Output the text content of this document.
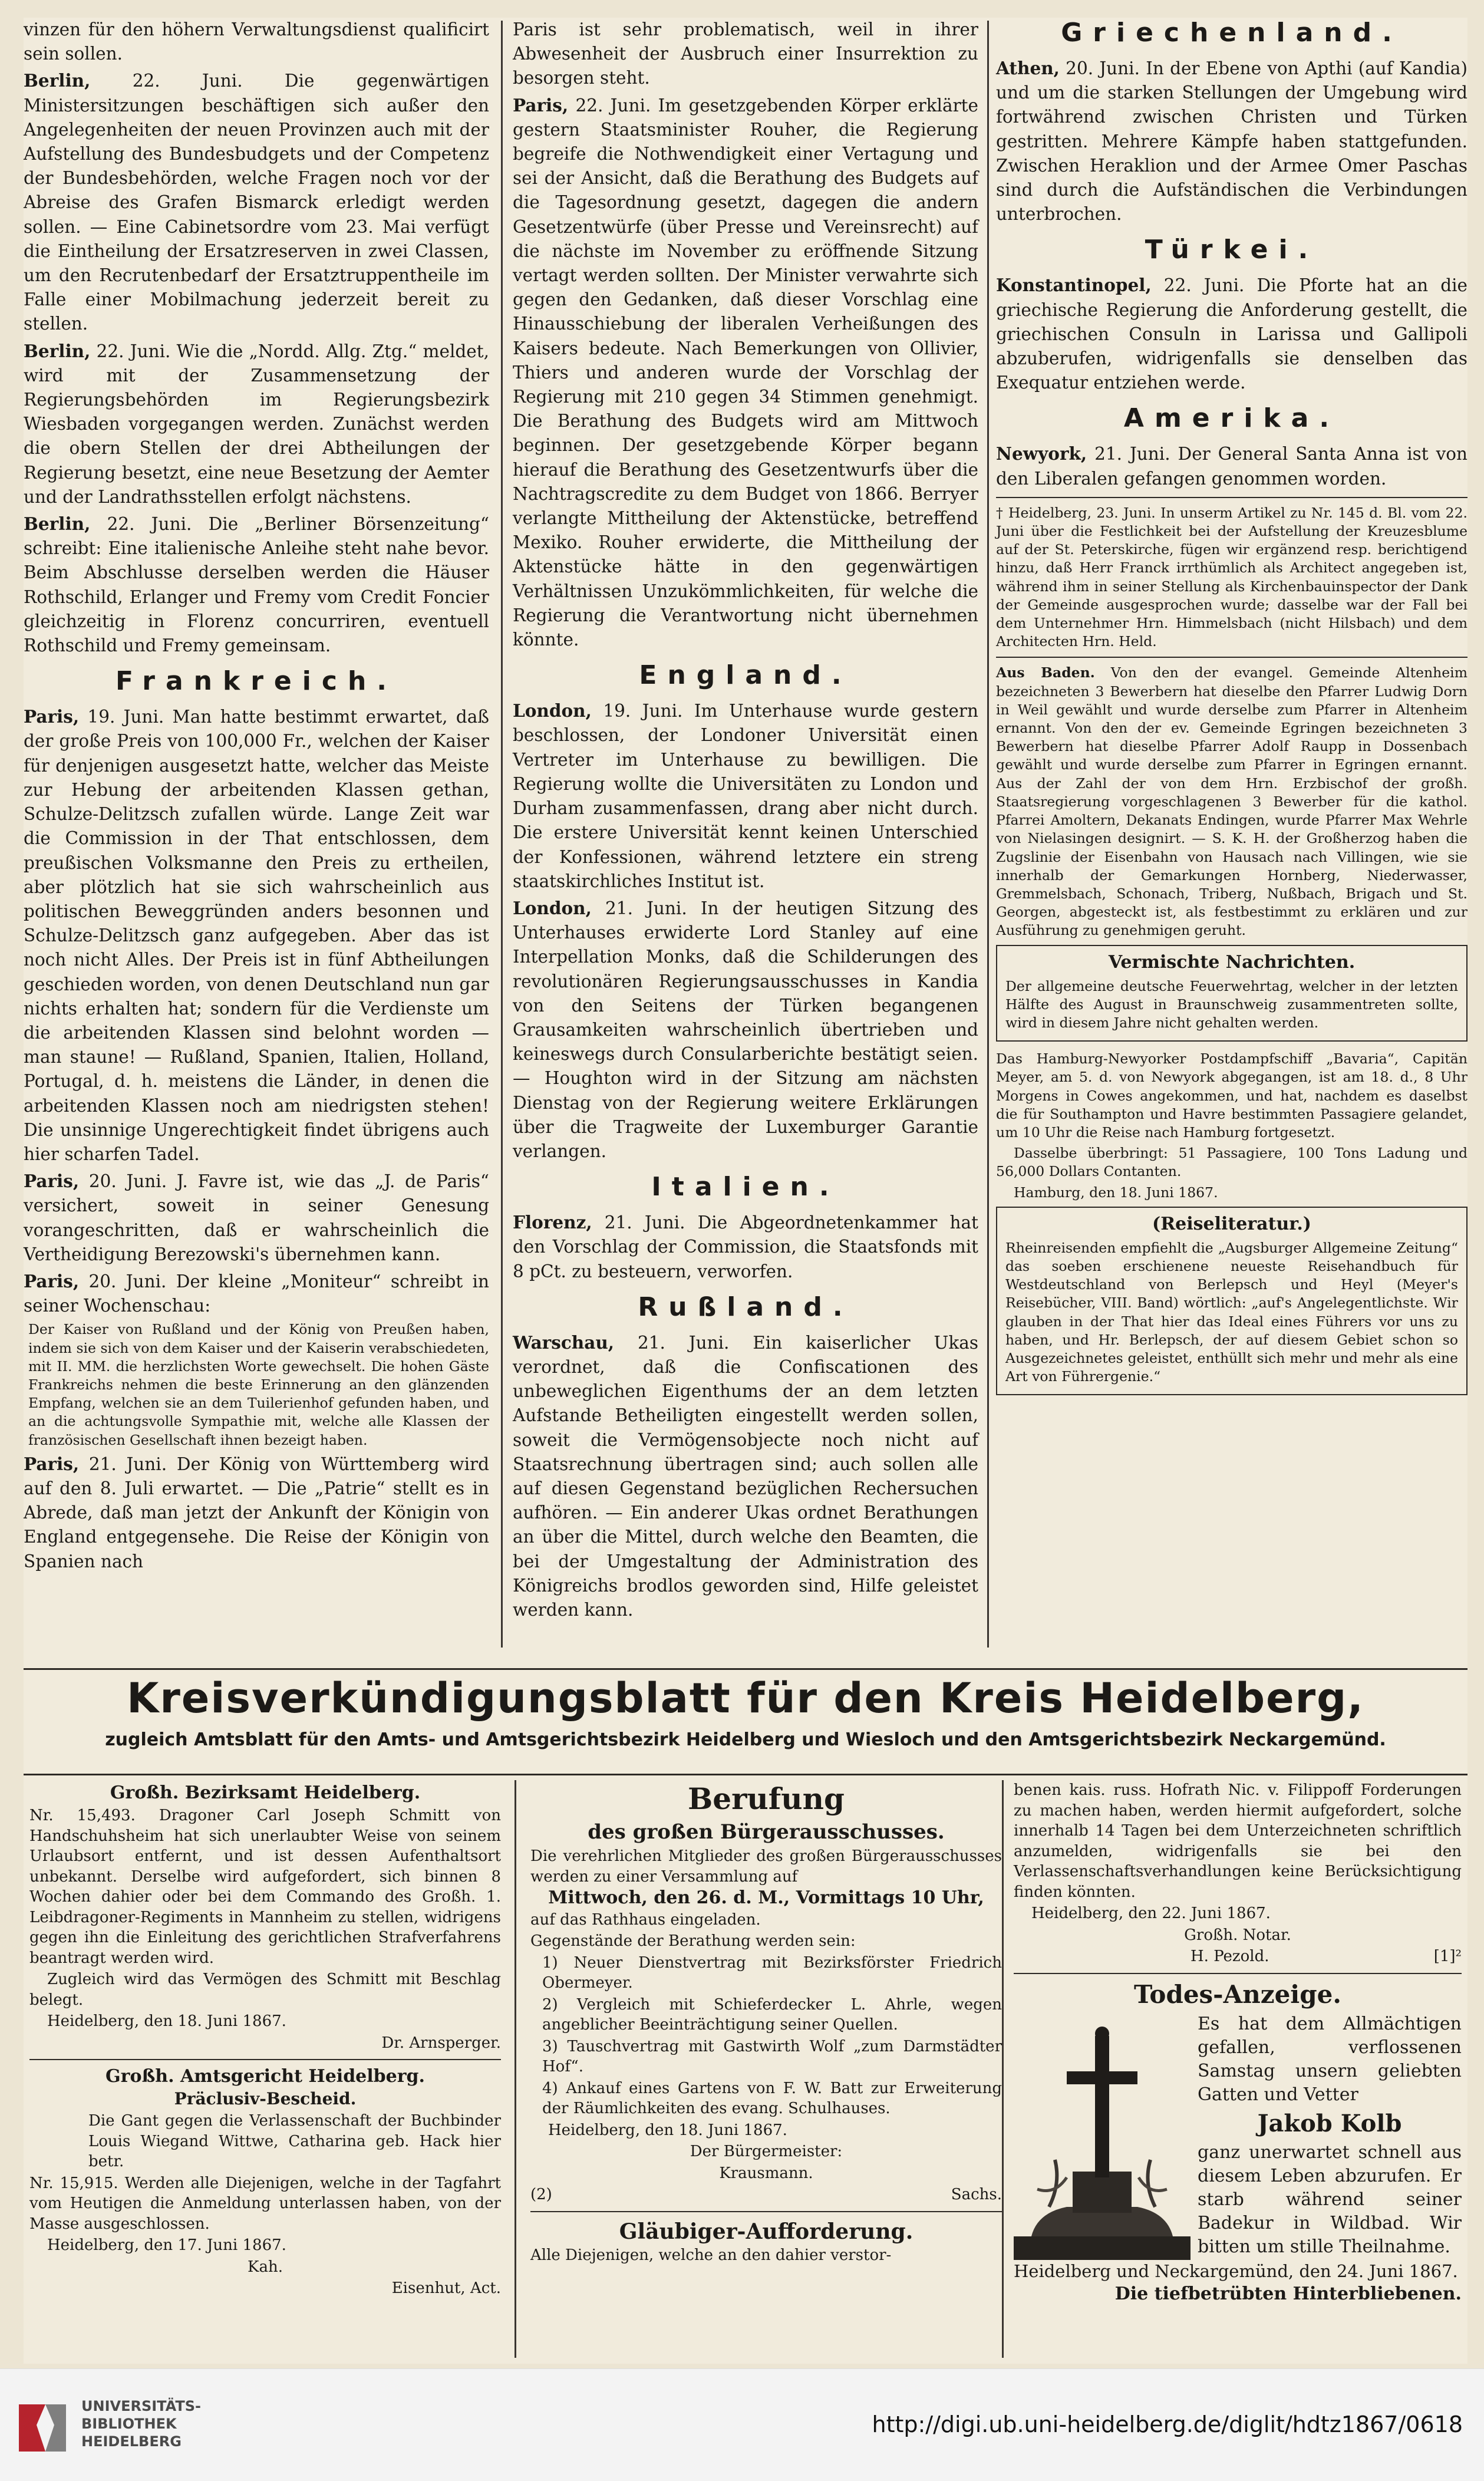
vinzen für den höhern Verwaltungsdienst qualificirt sein sollen.

Berlin, 22. Juni. Die gegenwärtigen Ministersitzungen beschäftigen sich außer den Angelegenheiten der neuen Provinzen auch mit der Aufstellung des Bundesbudgets und der Competenz der Bundesbehörden, welche Fragen noch vor der Abreise des Grafen Bismarck erledigt werden sollen. — Eine Cabinetsordre vom 23. Mai verfügt die Eintheilung der Ersatzreserven in zwei Classen, um den Recrutenbedarf der Ersatztruppentheile im Falle einer Mobilmachung jederzeit bereit zu stellen.

Berlin, 22. Juni. Wie die „Nordd. Allg. Ztg.“ meldet, wird mit der Zusammensetzung der Regierungsbehörden im Regierungsbezirk Wiesbaden vorgegangen werden. Zunächst werden die obern Stellen der drei Abtheilungen der Regierung besetzt, eine neue Besetzung der Aemter und der Landrathsstellen erfolgt nächstens.

Berlin, 22. Juni. Die „Berliner Börsenzeitung“ schreibt: Eine italienische Anleihe steht nahe bevor. Beim Abschlusse derselben werden die Häuser Rothschild, Erlanger und Fremy vom Credit Foncier gleichzeitig in Florenz concurriren, eventuell Rothschild und Fremy gemeinsam.

Frankreich.

Paris, 19. Juni. Man hatte bestimmt erwartet, daß der große Preis von 100,000 Fr., welchen der Kaiser für denjenigen ausgesetzt hatte, welcher das Meiste zur Hebung der arbeitenden Klassen gethan, Schulze-Delitzsch zufallen würde. Lange Zeit war die Commission in der That entschlossen, dem preußischen Volksmanne den Preis zu ertheilen, aber plötzlich hat sie sich wahrscheinlich aus politischen Beweggründen anders besonnen und Schulze-Delitzsch ganz aufgegeben. Aber das ist noch nicht Alles. Der Preis ist in fünf Abtheilungen geschieden worden, von denen Deutschland nun gar nichts erhalten hat; sondern für die Verdienste um die arbeitenden Klassen sind belohnt worden — man staune! — Rußland, Spanien, Italien, Holland, Portugal, d. h. meistens die Länder, in denen die arbeitenden Klassen noch am niedrigsten stehen! Die unsinnige Ungerechtigkeit findet übrigens auch hier scharfen Tadel.

Paris, 20. Juni. J. Favre ist, wie das „J. de Paris“ versichert, soweit in seiner Genesung vorangeschritten, daß er wahrscheinlich die Vertheidigung Berezowski's übernehmen kann.

Paris, 20. Juni. Der kleine „Moniteur“ schreibt in seiner Wochenschau:

Der Kaiser von Rußland und der König von Preußen haben, indem sie sich von dem Kaiser und der Kaiserin verabschiedeten, mit II. MM. die herzlichsten Worte gewechselt. Die hohen Gäste Frankreichs nehmen die beste Erinnerung an den glänzenden Empfang, welchen sie an dem Tuilerienhof gefunden haben, und an die achtungsvolle Sympathie mit, welche alle Klassen der französischen Gesellschaft ihnen bezeigt haben.

Paris, 21. Juni. Der König von Württemberg wird auf den 8. Juli erwartet. — Die „Patrie“ stellt es in Abrede, daß man jetzt der Ankunft der Königin von England entgegensehe. Die Reise der Königin von Spanien nach

Paris ist sehr problematisch, weil in ihrer Abwesenheit der Ausbruch einer Insurrektion zu besorgen steht.

Paris, 22. Juni. Im gesetzgebenden Körper erklärte gestern Staatsminister Rouher, die Regierung begreife die Nothwendigkeit einer Vertagung und sei der Ansicht, daß die Berathung des Budgets auf die Tagesordnung gesetzt, dagegen die andern Gesetzentwürfe (über Presse und Vereinsrecht) auf die nächste im November zu eröffnende Sitzung vertagt werden sollten. Der Minister verwahrte sich gegen den Gedanken, daß dieser Vorschlag eine Hinausschiebung der liberalen Verheißungen des Kaisers bedeute. Nach Bemerkungen von Ollivier, Thiers und anderen wurde der Vorschlag der Regierung mit 210 gegen 34 Stimmen genehmigt. Die Berathung des Budgets wird am Mittwoch beginnen. Der gesetzgebende Körper begann hierauf die Berathung des Gesetzentwurfs über die Nachtragscredite zu dem Budget von 1866. Berryer verlangte Mittheilung der Aktenstücke, betreffend Mexiko. Rouher erwiderte, die Mittheilung der Aktenstücke hätte in den gegenwärtigen Verhältnissen Unzukömmlichkeiten, für welche die Regierung die Verantwortung nicht übernehmen könnte.

England.

London, 19. Juni. Im Unterhause wurde gestern beschlossen, der Londoner Universität einen Vertreter im Unterhause zu bewilligen. Die Regierung wollte die Universitäten zu London und Durham zusammenfassen, drang aber nicht durch. Die erstere Universität kennt keinen Unterschied der Konfessionen, während letztere ein streng staatskirchliches Institut ist.

London, 21. Juni. In der heutigen Sitzung des Unterhauses erwiderte Lord Stanley auf eine Interpellation Monks, daß die Schilderungen des revolutionären Regierungsausschusses in Kandia von den Seitens der Türken begangenen Grausamkeiten wahrscheinlich übertrieben und keineswegs durch Consularberichte bestätigt seien. — Houghton wird in der Sitzung am nächsten Dienstag von der Regierung weitere Erklärungen über die Tragweite der Luxemburger Garantie verlangen.

Italien.

Florenz, 21. Juni. Die Abgeordnetenkammer hat den Vorschlag der Commission, die Staatsfonds mit 8 pCt. zu besteuern, verworfen.

Rußland.

Warschau, 21. Juni. Ein kaiserlicher Ukas verordnet, daß die Confiscationen des unbeweglichen Eigenthums der an dem letzten Aufstande Betheiligten eingestellt werden sollen, soweit die Vermögensobjecte noch nicht auf Staatsrechnung übertragen sind; auch sollen alle auf diesen Gegenstand bezüglichen Rechersuchen aufhören. — Ein anderer Ukas ordnet Berathungen an über die Mittel, durch welche den Beamten, die bei der Umgestaltung der Administration des Königreichs brodlos geworden sind, Hilfe geleistet werden kann.

Griechenland.

Athen, 20. Juni. In der Ebene von Apthi (auf Kandia) und um die starken Stellungen der Umgebung wird fortwährend zwischen Christen und Türken gestritten. Mehrere Kämpfe haben stattgefunden. Zwischen Heraklion und der Armee Omer Paschas sind durch die Aufständischen die Verbindungen unterbrochen.

Türkei.

Konstantinopel, 22. Juni. Die Pforte hat an die griechische Regierung die Anforderung gestellt, die griechischen Consuln in Larissa und Gallipoli abzuberufen, widrigenfalls sie denselben das Exequatur entziehen werde.

Amerika.

Newyork, 21. Juni. Der General Santa Anna ist von den Liberalen gefangen genommen worden.

† Heidelberg, 23. Juni. In unserm Artikel zu Nr. 145 d. Bl. vom 22. Juni über die Festlichkeit bei der Aufstellung der Kreuzesblume auf der St. Peterskirche, fügen wir ergänzend resp. berichtigend hinzu, daß Herr Franck irrthümlich als Architect angegeben ist, während ihm in seiner Stellung als Kirchenbauinspector der Dank der Gemeinde ausgesprochen wurde; dasselbe war der Fall bei dem Unternehmer Hrn. Himmelsbach (nicht Hilsbach) und dem Architecten Hrn. Held.

Aus Baden. Von den der evangel. Gemeinde Altenheim bezeichneten 3 Bewerbern hat dieselbe den Pfarrer Ludwig Dorn in Weil gewählt und wurde derselbe zum Pfarrer in Altenheim ernannt. Von den der ev. Gemeinde Egringen bezeichneten 3 Bewerbern hat dieselbe Pfarrer Adolf Raupp in Dossenbach gewählt und wurde derselbe zum Pfarrer in Egringen ernannt. Aus der Zahl der von dem Hrn. Erzbischof der großh. Staatsregierung vorgeschlagenen 3 Bewerber für die kathol. Pfarrei Amoltern, Dekanats Endingen, wurde Pfarrer Max Wehrle von Nielasingen designirt. — S. K. H. der Großherzog haben die Zugslinie der Eisenbahn von Hausach nach Villingen, wie sie innerhalb der Gemarkungen Hornberg, Niederwasser, Gremmelsbach, Schonach, Triberg, Nußbach, Brigach und St. Georgen, abgesteckt ist, als festbestimmt zu erklären und zur Ausführung zu genehmigen geruht.

Vermischte Nachrichten.

Der allgemeine deutsche Feuerwehrtag, welcher in der letzten Hälfte des August in Braunschweig zusammentreten sollte, wird in diesem Jahre nicht gehalten werden.

Das Hamburg-Newyorker Postdampfschiff „Bavaria“, Capitän Meyer, am 5. d. von Newyork abgegangen, ist am 18. d., 8 Uhr Morgens in Cowes angekommen, und hat, nachdem es daselbst die für Southampton und Havre bestimmten Passagiere gelandet, um 10 Uhr die Reise nach Hamburg fortgesetzt.

Dasselbe überbringt: 51 Passagiere, 100 Tons Ladung und 56,000 Dollars Contanten.

Hamburg, den 18. Juni 1867.

(Reiseliteratur.)

Rheinreisenden empfiehlt die „Augsburger Allgemeine Zeitung“ das soeben erschienene neueste Reisehandbuch für Westdeutschland von Berlepsch und Heyl (Meyer's Reisebücher, VIII. Band) wörtlich: „auf's Angelegentlichste. Wir glauben in der That hier das Ideal eines Führers vor uns zu haben, und Hr. Berlepsch, der auf diesem Gebiet schon so Ausgezeichnetes geleistet, enthüllt sich mehr und mehr als eine Art von Führergenie.“

Kreisverkündigungsblatt für den Kreis Heidelberg,
zugleich Amtsblatt für den Amts- und Amtsgerichtsbezirk Heidelberg und Wiesloch und den Amtsgerichtsbezirk Neckargemünd.
Großh. Bezirksamt Heidelberg.

Nr. 15,493. Dragoner Carl Joseph Schmitt von Handschuhsheim hat sich unerlaubter Weise von seinem Urlaubsort entfernt, und ist dessen Aufenthaltsort unbekannt. Derselbe wird aufgefordert, sich binnen 8 Wochen dahier oder bei dem Commando des Großh. 1. Leibdragoner-Regiments in Mannheim zu stellen, widrigens gegen ihn die Einleitung des gerichtlichen Strafverfahrens beantragt werden wird.

Zugleich wird das Vermögen des Schmitt mit Beschlag belegt.

Heidelberg, den 18. Juni 1867.

Dr. Arnsperger.

Großh. Amtsgericht Heidelberg.
Präclusiv-Bescheid.

Die Gant gegen die Verlassenschaft der Buchbinder Louis Wiegand Wittwe, Catharina geb. Hack hier betr.

Nr. 15,915. Werden alle Diejenigen, welche in der Tagfahrt vom Heutigen die Anmeldung unterlassen haben, von der Masse ausgeschlossen.

Heidelberg, den 17. Juni 1867.

Kah.

Eisenhut, Act.

Berufung
des großen Bürgerausschusses.

Die verehrlichen Mitglieder des großen Bürgerausschusses werden zu einer Versammlung auf

Mittwoch, den 26. d. M., Vormittags 10 Uhr,

auf das Rathhaus eingeladen.

Gegenstände der Berathung werden sein:

1) Neuer Dienstvertrag mit Bezirksförster Friedrich Obermeyer.

2) Vergleich mit Schieferdecker L. Ahrle, wegen angeblicher Beeinträchtigung seiner Quellen.

3) Tauschvertrag mit Gastwirth Wolf „zum Darmstädter Hof“.

4) Ankauf eines Gartens von F. W. Batt zur Erweiterung der Räumlichkeiten des evang. Schulhauses.

Heidelberg, den 18. Juni 1867.

Der Bürgermeister:

Krausmann.

(2)	Sachs.

Gläubiger-Aufforderung.

Alle Diejenigen, welche an den dahier verstor-

benen kais. russ. Hofrath Nic. v. Filippoff Forderungen zu machen haben, werden hiermit aufgefordert, solche innerhalb 14 Tagen bei dem Unterzeichneten schriftlich anzumelden, widrigenfalls sie bei den Verlassenschaftsverhandlungen keine Berücksichtigung finden könnten.

Heidelberg, den 22. Juni 1867.

Großh. Notar.

H. Pezold.	[1]²

Todes-Anzeige.

Es hat dem Allmächtigen gefallen, verflossenen Samstag unsern geliebten Gatten und Vetter

Jakob Kolb

ganz unerwartet schnell aus diesem Leben abzurufen. Er starb während seiner Badekur in Wildbad. Wir bitten um stille Theilnahme.

Heidelberg und Neckargemünd, den 24. Juni 1867.

Die tiefbetrübten Hinterbliebenen.

UNIVERSITÄTS-
BIBLIOTHEK
HEIDELBERG
http://digi.ub.uni-heidelberg.de/diglit/hdtz1867/0618
